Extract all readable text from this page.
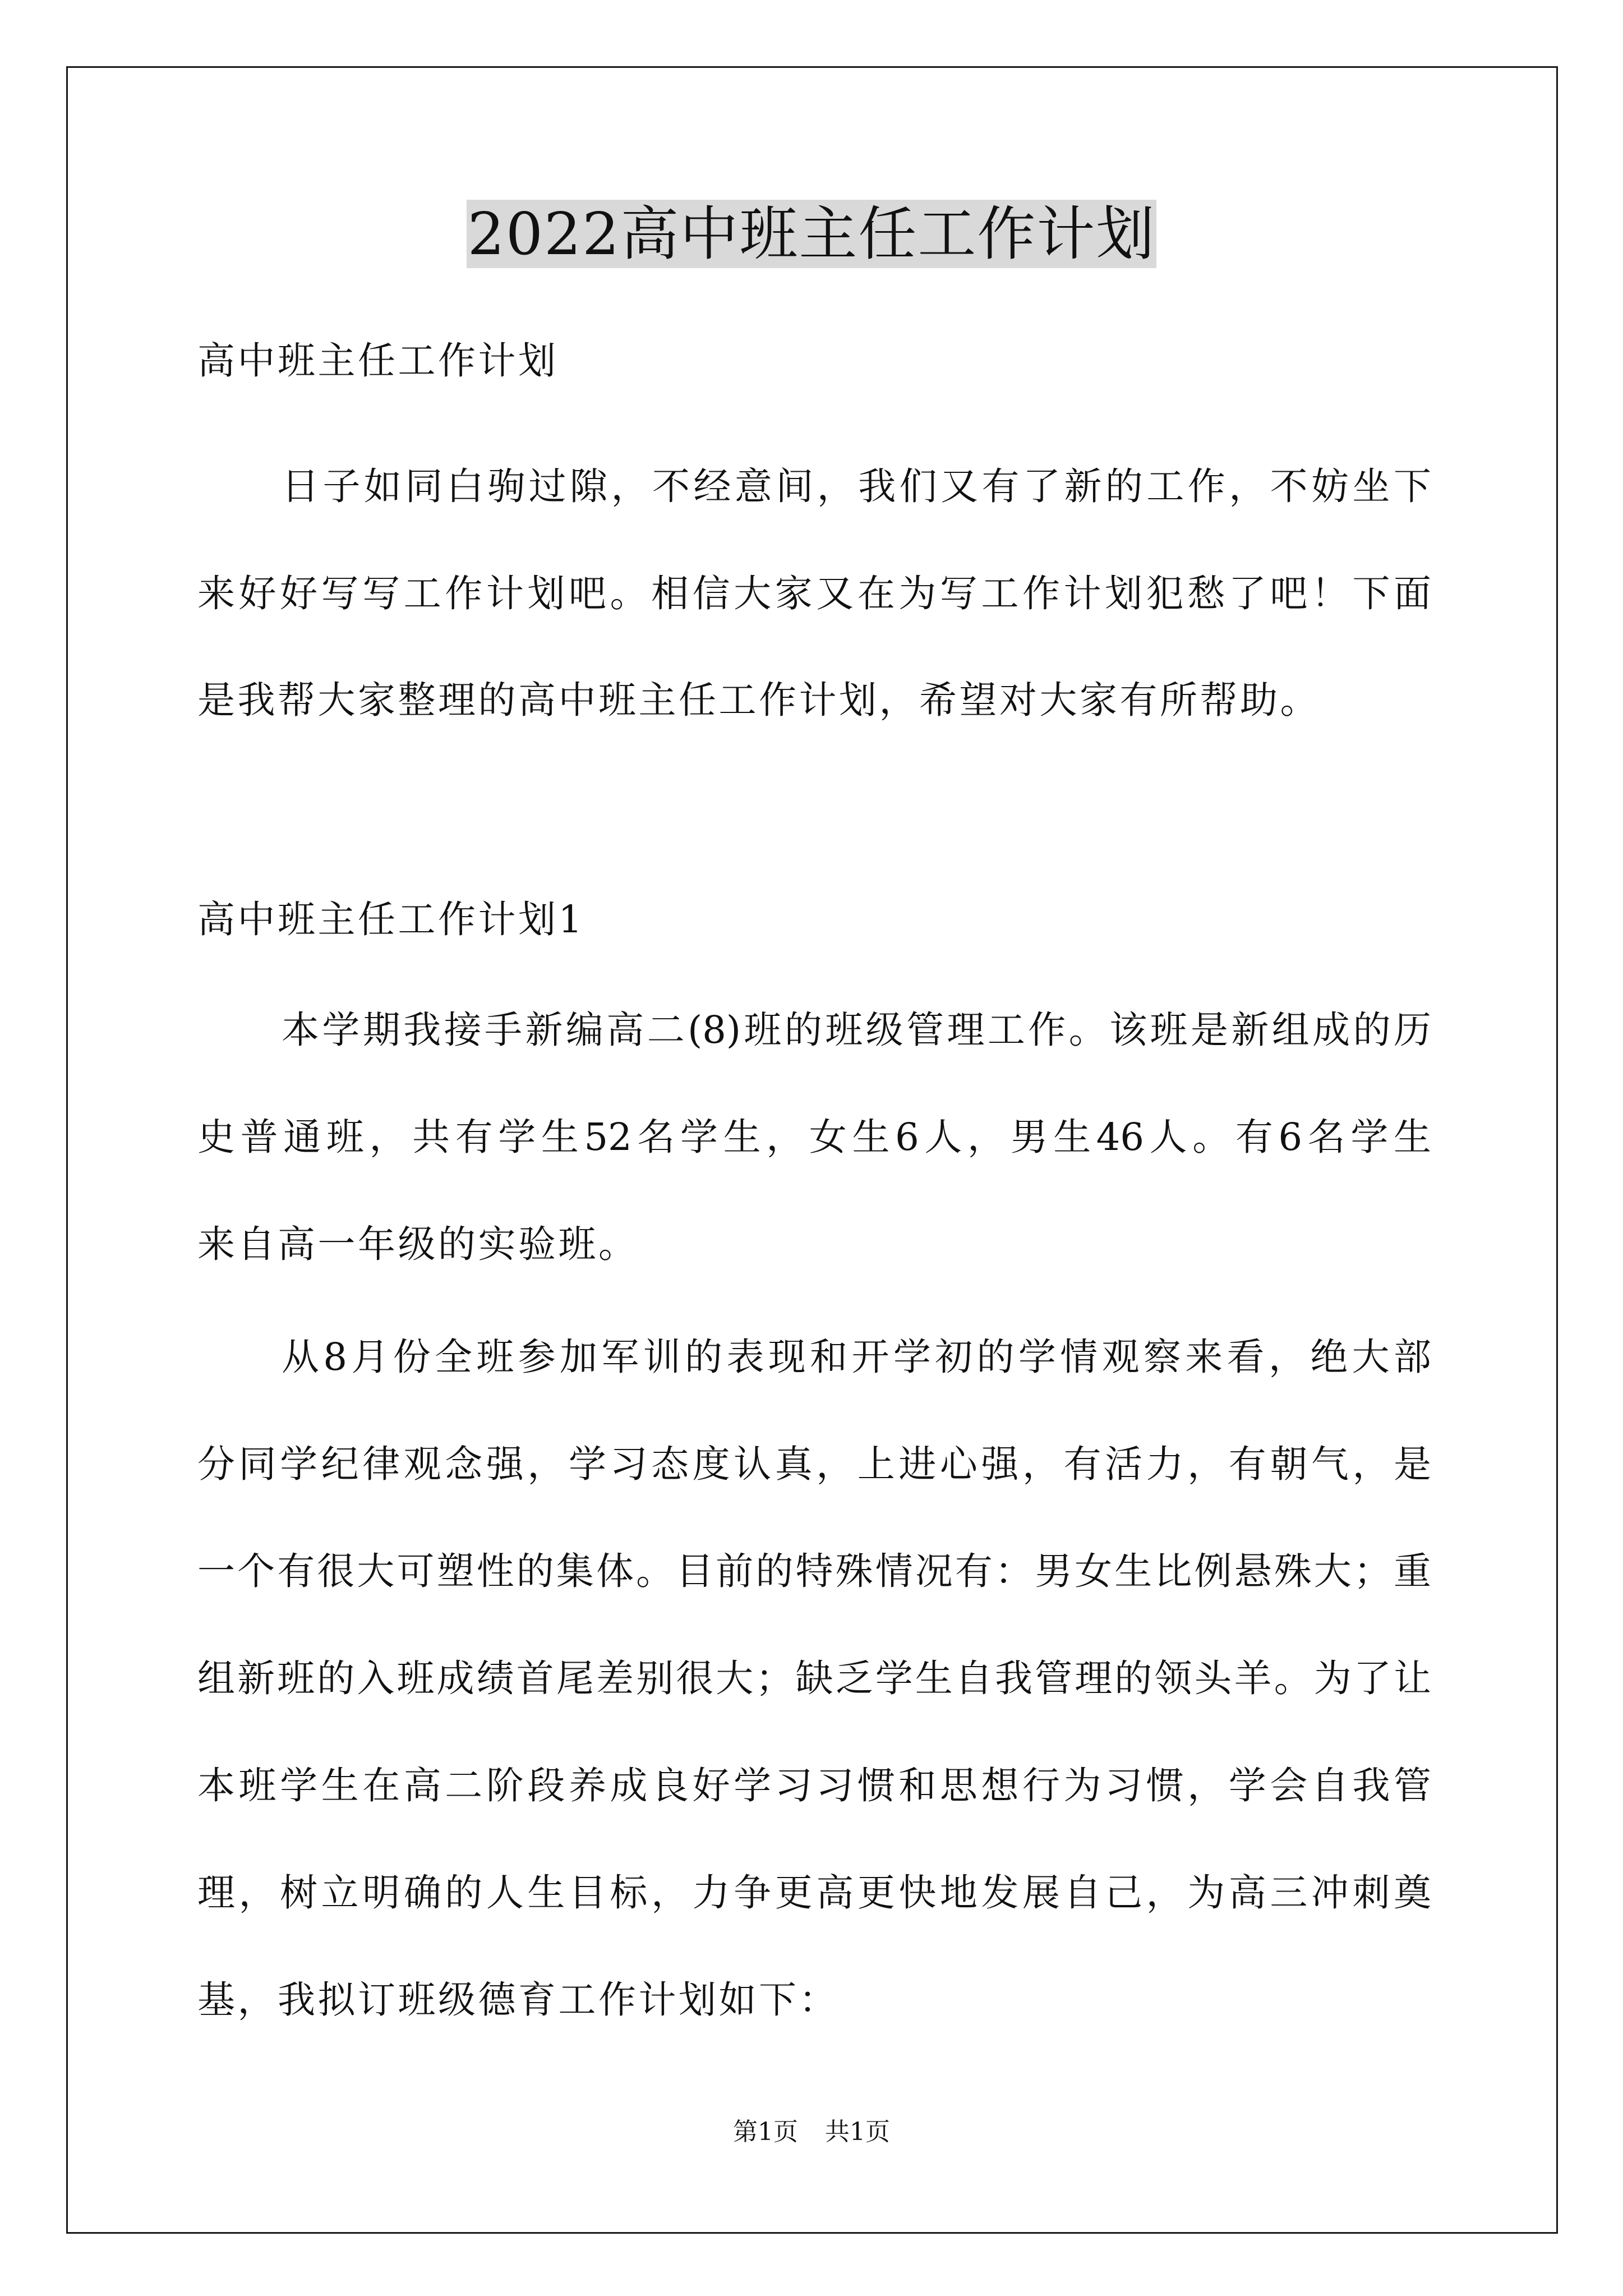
2022高中班主任工作计划
高中班主任工作计划
日子如同白驹过隙，不经意间，我们又有了新的工作，不妨坐下
来好好写写工作计划吧。相信大家又在为写工作计划犯愁了吧！下面
是我帮大家整理的高中班主任工作计划，希望对大家有所帮助。
高中班主任工作计划1
本学期我接手新编高二(8)班的班级管理工作。该班是新组成的历
史普通班，共有学生52名学生，女生6人，男生46人。有6名学生
来自高一年级的实验班。
从8月份全班参加军训的表现和开学初的学情观察来看，绝大部
分同学纪律观念强，学习态度认真，上进心强，有活力，有朝气，是
一个有很大可塑性的集体。目前的特殊情况有：男女生比例悬殊大；重
组新班的入班成绩首尾差别很大；缺乏学生自我管理的领头羊。为了让
本班学生在高二阶段养成良好学习习惯和思想行为习惯，学会自我管
理，树立明确的人生目标，力争更高更快地发展自己，为高三冲刺奠
基，我拟订班级德育工作计划如下：
第1页 共1页
